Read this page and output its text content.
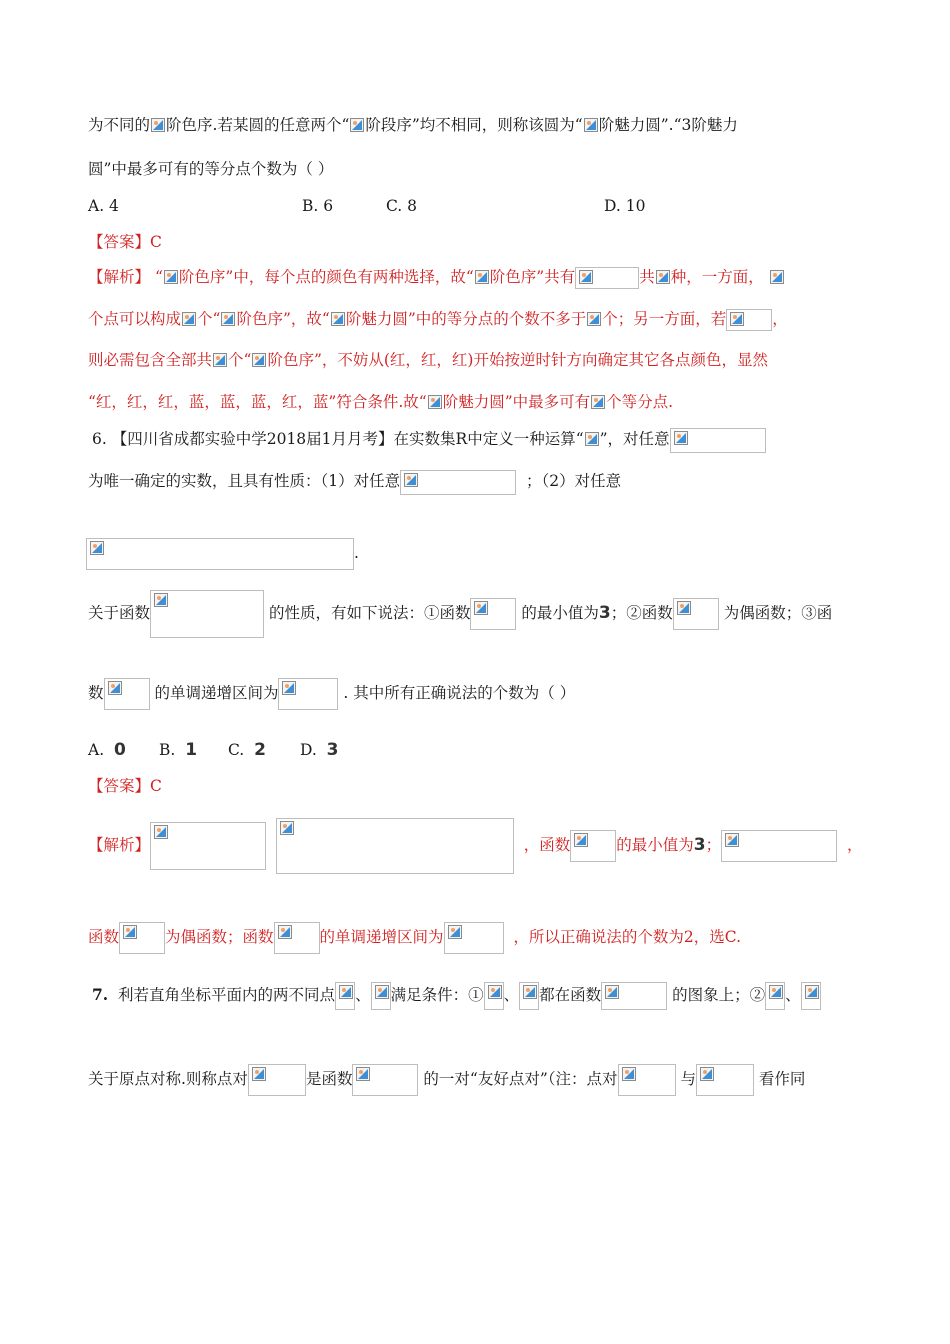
为不同的 阶色序.若某圆的任意两个“ 阶段序”均不相同，则称该圆为“ 阶魅力圆”.“3阶魅力
圆”中最多可有的等分点个数为（ ）
A. 4	B. 6	C. 8	D. 10
【答案】C
【解析】 “ 阶色序”中，每个点的颜色有两种选择，故“ 阶色序”共有	共 种，一方面，
个点可以构成 个“ 阶色序”，故“ 阶魅力圆”中的等分点的个数不多于 个；另一方面，若	，
则必需包含全部共 个“ 阶色序”，不妨从(红，红，红)开始按逆时针方向确定其它各点颜色，显然
“红，红，红，蓝，蓝，蓝，红，蓝”符合条件.故“ 阶魅力圆”中最多可有 个等分点.
6. 【四川省成都实验中学2018届1月月考】在实数集R中定义一种运算“ ”，对任意
为唯一确定的实数，且具有性质：（1）对任意	；（2）对任意
.
关于函数	的性质，有如下说法：①函数	的最小值为3；②函数	为偶函数；③函
数	的单调递增区间为	. 其中所有正确说法的个数为（ ）
A. 0 B. 1 C. 2 D. 3
【答案】C
【解析】
	，函数	的最小值为3；	，
函数	为偶函数；函数	的单调递增区间为	，所以正确说法的个数为2，选C.
7. 利若直角坐标平面内的两不同点 、 满足条件：① 、 都在函数	的图象上；② 、
关于原点对称.则称点对	是函数	的一对“友好点对”（注：点对	与	看作同
